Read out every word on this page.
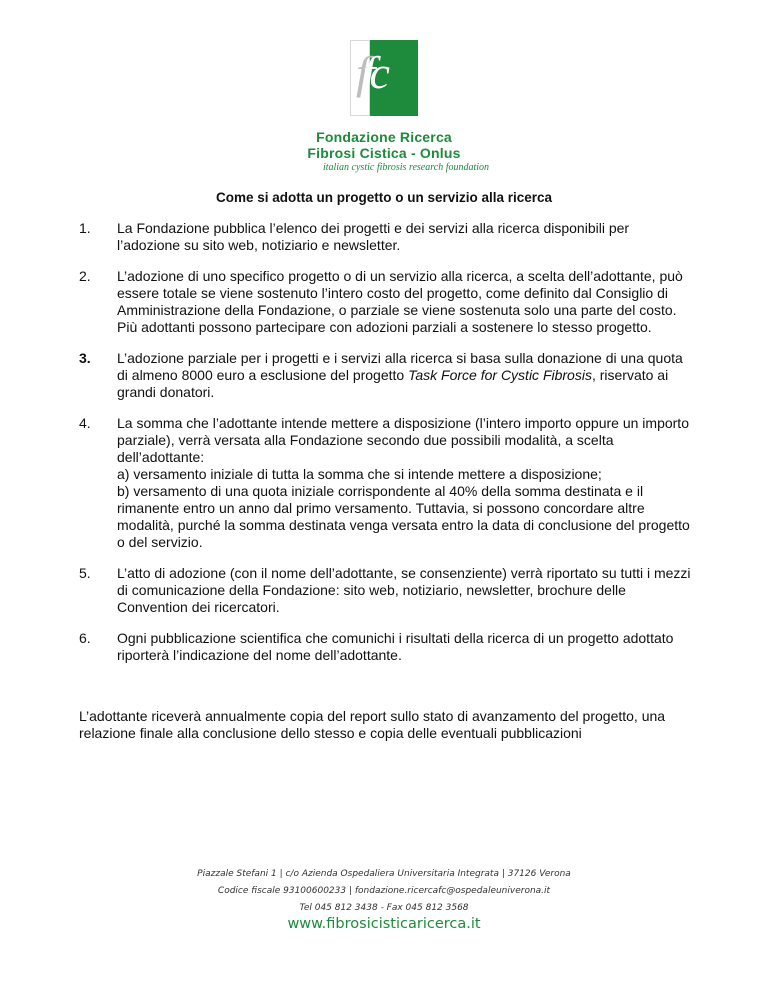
ffc
Fondazione Ricerca
Fibrosi Cistica - Onlus
italian cystic fibrosis research foundation
Come si adotta un progetto o un servizio alla ricerca
1. La Fondazione pubblica l’elenco dei progetti e dei servizi alla ricerca disponibili per l’adozione su sito web, notiziario e newsletter.
2. L’adozione di uno specifico progetto o di un servizio alla ricerca, a scelta dell’adottante, può essere totale se viene sostenuto l’intero costo del progetto, come definito dal Consiglio di Amministrazione della Fondazione, o parziale se viene sostenuta solo una parte del costo. Più adottanti possono partecipare con adozioni parziali a sostenere lo stesso progetto.
3. L’adozione parziale per i progetti e i servizi alla ricerca si basa sulla donazione di una quota di almeno 8000 euro a esclusione del progetto Task Force for Cystic Fibrosis, riservato ai grandi donatori.
4. La somma che l’adottante intende mettere a disposizione (l’intero importo oppure un importo parziale), verrà versata alla Fondazione secondo due possibili modalità, a scelta dell’adottante:
a) versamento iniziale di tutta la somma che si intende mettere a disposizione;
b) versamento di una quota iniziale corrispondente al 40% della somma destinata e il rimanente entro un anno dal primo versamento. Tuttavia, si possono concordare altre modalità, purché la somma destinata venga versata entro la data di conclusione del progetto o del servizio.
5. L’atto di adozione (con il nome dell’adottante, se consenziente) verrà riportato su tutti i mezzi di comunicazione della Fondazione: sito web, notiziario, newsletter, brochure delle Convention dei ricercatori.
6. Ogni pubblicazione scientifica che comunichi i risultati della ricerca di un progetto adottato riporterà l’indicazione del nome dell’adottante.
L’adottante riceverà annualmente copia del report sullo stato di avanzamento del progetto, una relazione finale alla conclusione dello stesso e copia delle eventuali pubblicazioni
Piazzale Stefani 1 | c/o Azienda Ospedaliera Universitaria Integrata | 37126 Verona
Codice fiscale 93100600233 | fondazione.ricercafc@ospedaleuniverona.it
Tel 045 812 3438 - Fax 045 812 3568
www.fibrosicisticaricerca.it
